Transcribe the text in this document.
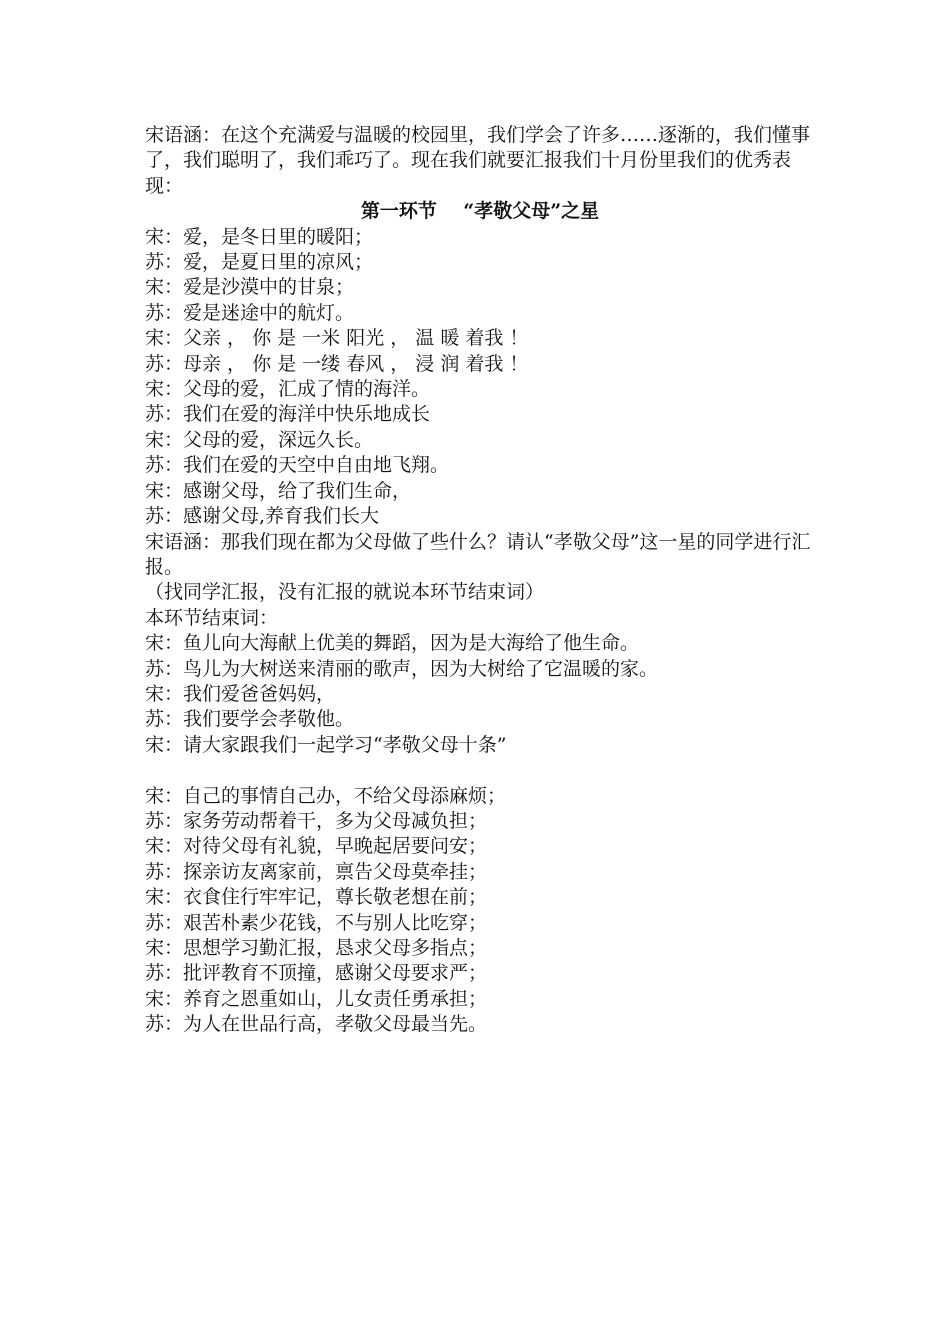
宋语涵：在这个充满爱与温暖的校园里，我们学会了许多……逐渐的，我们懂事了，我们聪明了，我们乖巧了。现在我们就要汇报我们十月份里我们的优秀表现：

第一环节    “孝敬父母”之星

宋：爱，是冬日里的暖阳；

苏：爱，是夏日里的凉风；

宋：爱是沙漠中的甘泉；

苏：爱是迷途中的航灯。

宋：父亲 ， 你 是 一米 阳光 ， 温 暖 着我 ！

苏：母亲 ， 你 是 一缕 春风 ， 浸 润 着我 ！

宋：父母的爱，汇成了情的海洋。

苏：我们在爱的海洋中快乐地成长

宋：父母的爱，深远久长。

苏：我们在爱的天空中自由地飞翔。

宋：感谢父母，给了我们生命，

苏：感谢父母,养育我们长大

宋语涵：那我们现在都为父母做了些什么？请认“孝敬父母”这一星的同学进行汇报。

（找同学汇报，没有汇报的就说本环节结束词）

本环节结束词：

宋：鱼儿向大海献上优美的舞蹈，因为是大海给了他生命。

苏：鸟儿为大树送来清丽的歌声，因为大树给了它温暖的家。

宋：我们爱爸爸妈妈，

苏：我们要学会孝敬他。

宋：请大家跟我们一起学习“孝敬父母十条”

宋：自己的事情自己办，不给父母添麻烦；

苏：家务劳动帮着干，多为父母减负担；

宋：对待父母有礼貌，早晚起居要问安；

苏：探亲访友离家前，禀告父母莫牵挂；

宋：衣食住行牢牢记，尊长敬老想在前；

苏：艰苦朴素少花钱，不与别人比吃穿；

宋：思想学习勤汇报，恳求父母多指点；

苏：批评教育不顶撞，感谢父母要求严；

宋：养育之恩重如山，儿女责任勇承担；

苏：为人在世品行高，孝敬父母最当先。
